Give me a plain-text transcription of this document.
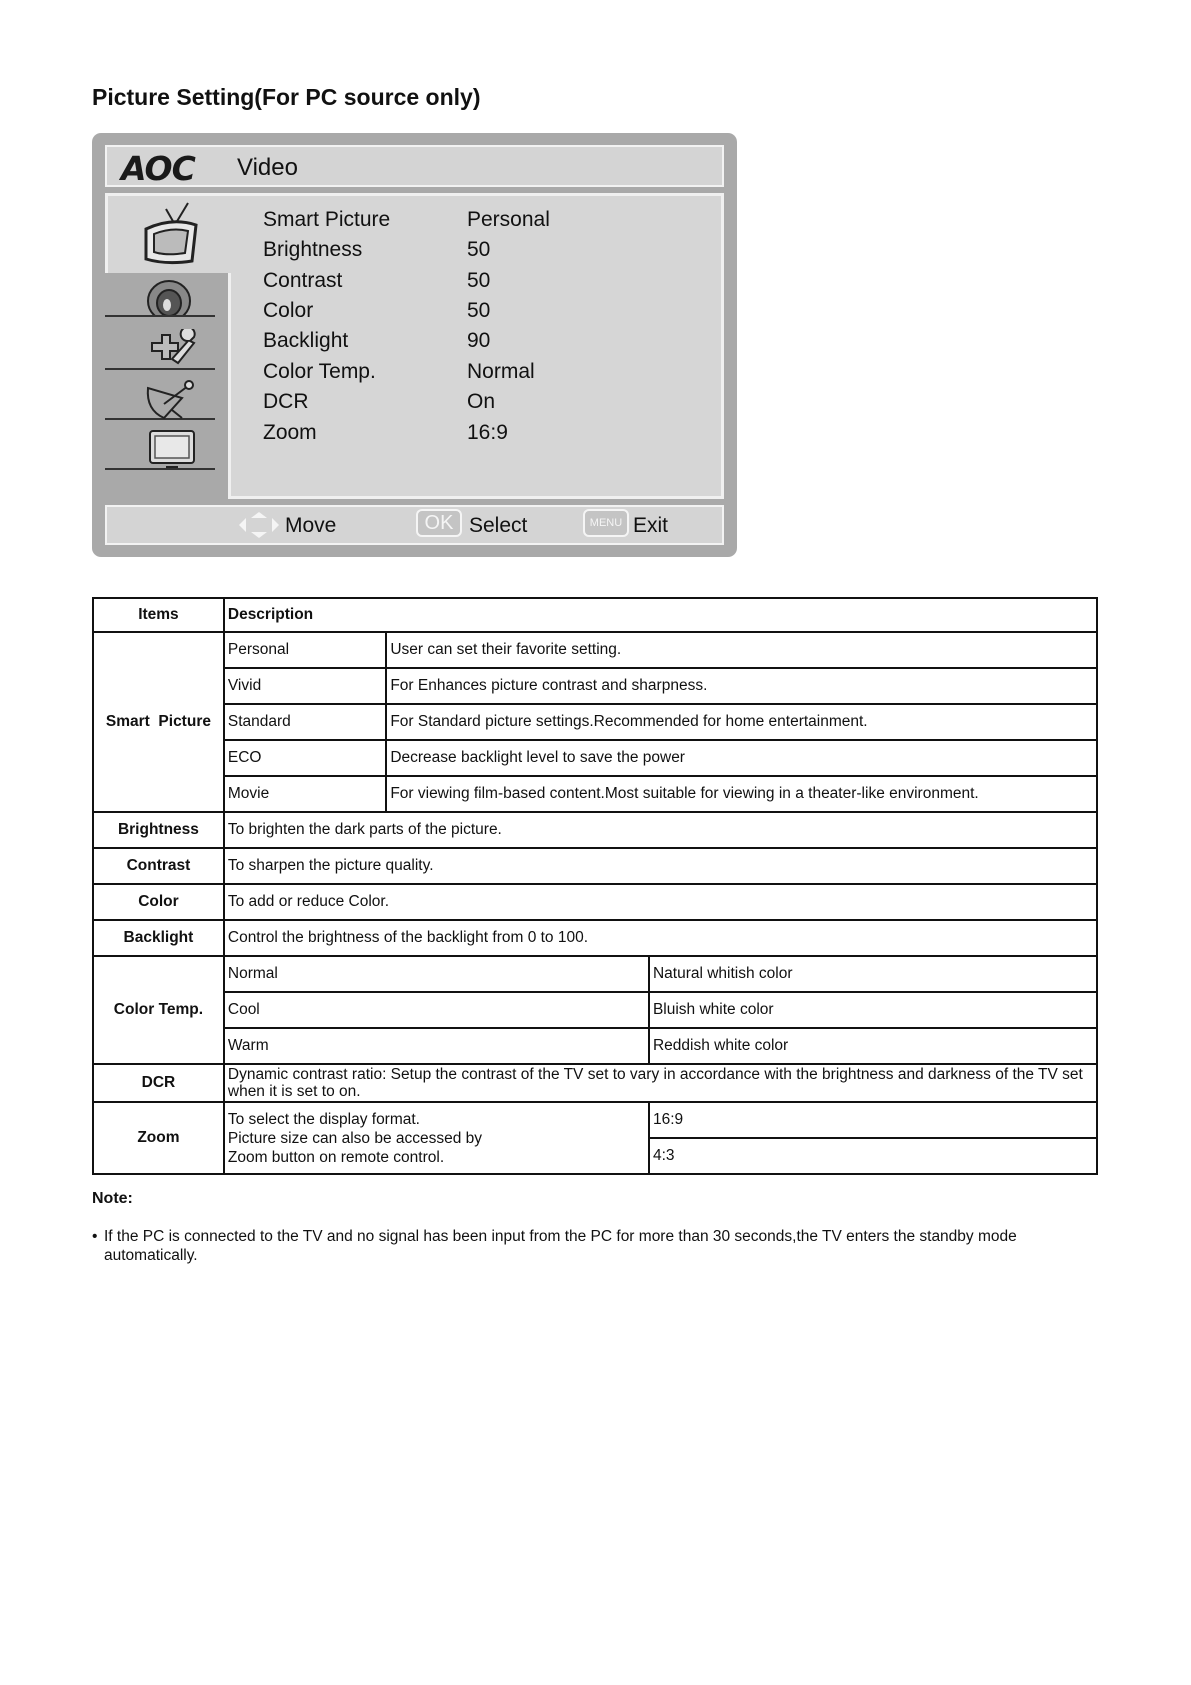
Picture Setting(For PC source only)
AOC Video
Smart Picture	Personal
Brightness	50
Contrast	50
Color	50
Backlight	90
Color Temp.	Normal
DCR	On
Zoom	16:9
Move	OK Select	MENU Exit
Items	Description		
Smart  Picture	Personal	User can set their favorite setting.	
	Vivid	For Enhances picture contrast and sharpness.	
	Standard	For Standard picture settings.Recommended for home entertainment.	
	ECO	Decrease backlight level to save the power	
	Movie	For viewing film-based content.Most suitable for viewing in a theater-like environment.	
Brightness	To brighten the dark parts of the picture.		
Contrast	To sharpen the picture quality.		
Color	To add or reduce Color.		
Backlight	Control the brightness of the backlight from 0 to 100.		
Color Temp.	Normal		Natural whitish color
	Cool		Bluish white color
	Warm		Reddish white color
DCR	Dynamic contrast ratio: Setup the contrast of the TV set to vary in accordance with the brightness and darkness of the TV set when it is set to on.		
Zoom	To select the display format.
Picture size can also be accessed by
Zoom button on remote control.		16:9
			4:3
Note:
• If the PC is connected to the TV and no signal has been input from the PC for more than 30 seconds,the TV enters the standby mode automatically.
